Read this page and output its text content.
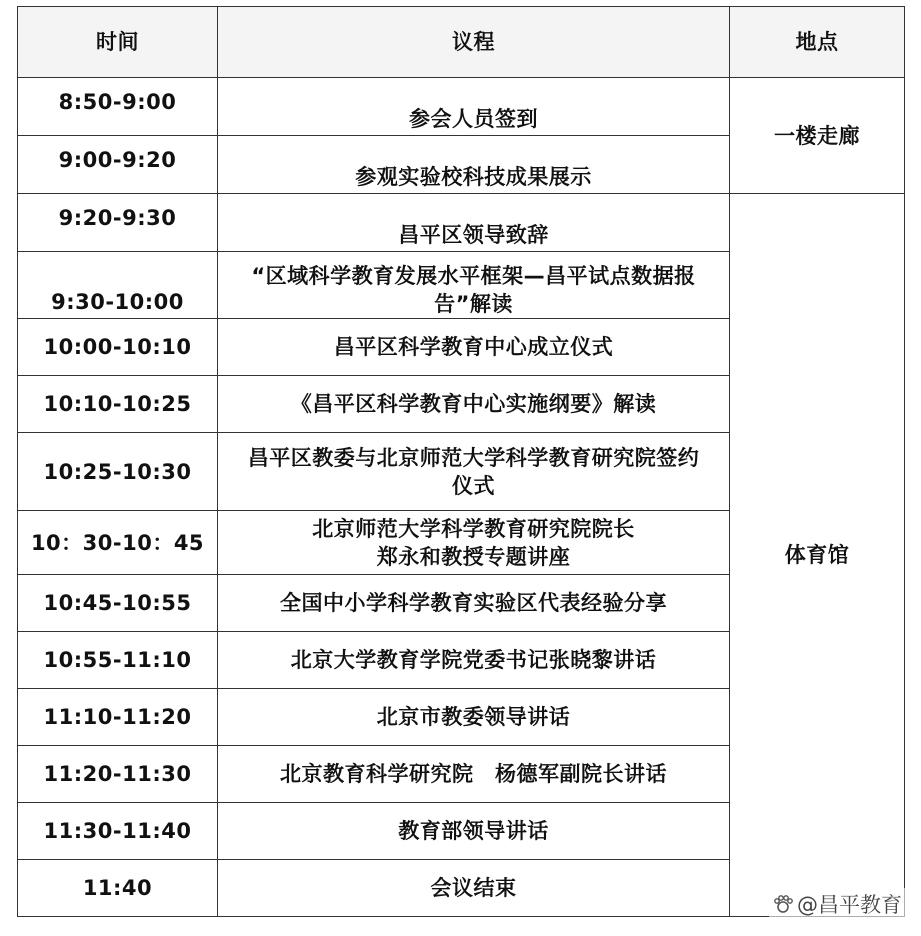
时间	议程	地点
8:50-9:00	参会人员签到	一楼走廊
9:00-9:20	参观实验校科技成果展示	
9:20-9:30	昌平区领导致辞	体育馆
9:30-10:00	“区域科学教育发展水平框架—昌平试点数据报
告”解读	

10:00-10:10	昌平区科学教育中心成立仪式	
10:10-10:25	《昌平区科学教育中心实施纲要》解读	
10:25-10:30	昌平区教委与北京师范大学科学教育研究院签约
仪式	

10：30-10：45	北京师范大学科学教育研究院院长
郑永和教授专题讲座	

10:45-10:55	全国中小学科学教育实验区代表经验分享	
10:55-11:10	北京大学教育学院党委书记张晓黎讲话	
11:10-11:20	北京市教委领导讲话	
11:20-11:30	北京教育科学研究院　杨德军副院长讲话	
11:30-11:40	教育部领导讲话	
11:40	会议结束	
@昌平教育
